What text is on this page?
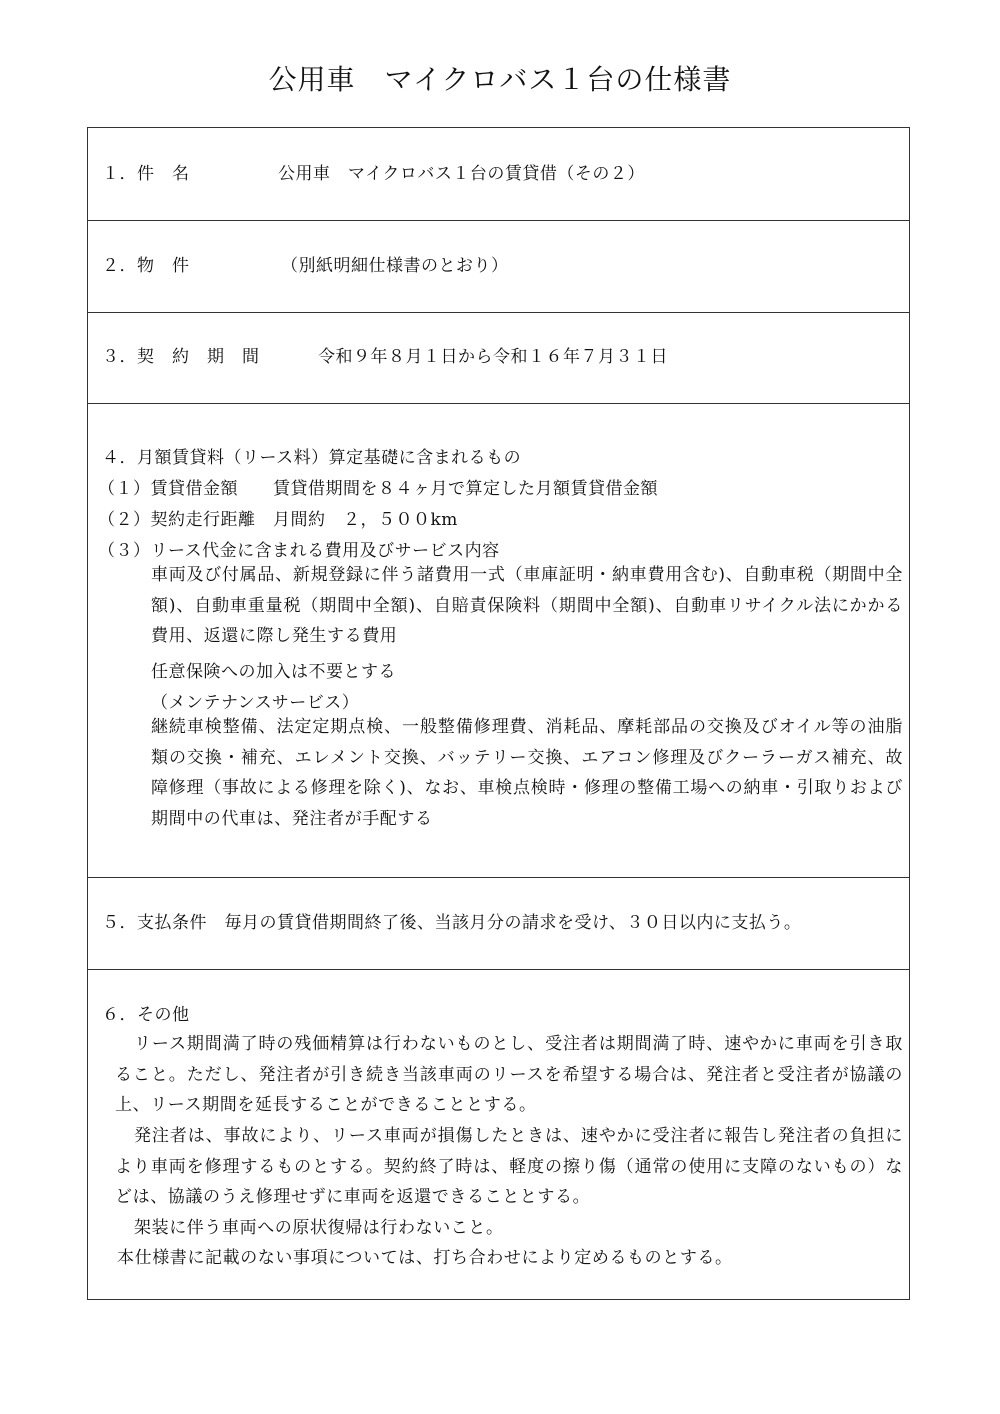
公用車　マイクロバス１台の仕様書
１．件　名	公用車　マイクロバス１台の賃貸借（その２）
２．物　件	（別紙明細仕様書のとおり）
３．契　約　期　間	令和９年８月１日から令和１６年７月３１日
４．月額賃貸料（リース料）算定基礎に含まれるもの
（１）賃貸借金額　　賃貸借期間を８４ヶ月で算定した月額賃貸借金額
（２）契約走行距離　月間約　２，５００km
（３）リース代金に含まれる費用及びサービス内容
車両及び付属品、新規登録に伴う諸費用一式（車庫証明・納車費用含む)、自動車税（期間中全額)、自動車重量税（期間中全額)、自賠責保険料（期間中全額)、自動車リサイクル法にかかる費用、返還に際し発生する費用
任意保険への加入は不要とする
（メンテナンスサービス）
継続車検整備、法定定期点検、一般整備修理費、消耗品、摩耗部品の交換及びオイル等の油脂類の交換・補充、エレメント交換、バッテリー交換、エアコン修理及びクーラーガス補充、故障修理（事故による修理を除く)、なお、車検点検時・修理の整備工場への納車・引取りおよび期間中の代車は、発注者が手配する
５．支払条件　毎月の賃貸借期間終了後、当該月分の請求を受け、３０日以内に支払う。
６．その他
リース期間満了時の残価精算は行わないものとし、受注者は期間満了時、速やかに車両を引き取ること。ただし、発注者が引き続き当該車両のリースを希望する場合は、発注者と受注者が協議の上、リース期間を延長することができることとする。
発注者は、事故により、リース車両が損傷したときは、速やかに受注者に報告し発注者の負担により車両を修理するものとする。契約終了時は、軽度の擦り傷（通常の使用に支障のないもの）などは、協議のうえ修理せずに車両を返還できることとする。
架装に伴う車両への原状復帰は行わないこと。
本仕様書に記載のない事項については、打ち合わせにより定めるものとする。
